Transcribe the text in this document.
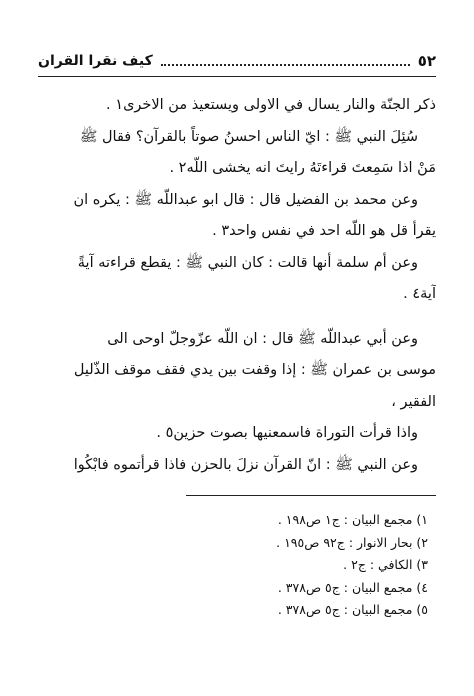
٥٢
كيف نقرا القران
ذكر الجنّة والنار يسال في الاولى ويستعيذ من الاخرى١ .
سُئِلَ النبي ﷺ : ايّ الناس احسنُ صوتاً بالقرآن؟ فقال ﷺ
مَنْ اذا سَمِعتَ قراءتَهُ رايتَ انه يخشى اللّه٢ .
وعن محمد بن الفضيل قال : قال ابو عبداللّه ﷺ : يكره ان
يقرأ قل هو اللّه احد في نفس واحد٣ .
وعن أم سلمة أنها قالت : كان النبي ﷺ : يقطع قراءته آيةً
آية٤ .
وعن أبي عبداللّه ﷺ قال : ان اللّه عزّوجلّ اوحى الى
موسى بن عمران ﷺ : إذا وقفت بين يدي فقف موقف الذّليل
الفقير ،
واذا قرأت التوراة فاسمعنيها بصوت حزين٥ .
وعن النبي ﷺ : انّ القرآن نزلَ بالحزن فاذا قرأتموه فابْكُوا
١) مجمع البيان : ج١ ص١٩٨ .
٢) بحار الانوار : ج٩٢ ص١٩٥ .
٣) الكافي : ج٢ .
٤) مجمع البيان : ج٥ ص٣٧٨ .
٥) مجمع البيان : ج٥ ص٣٧٨ .
